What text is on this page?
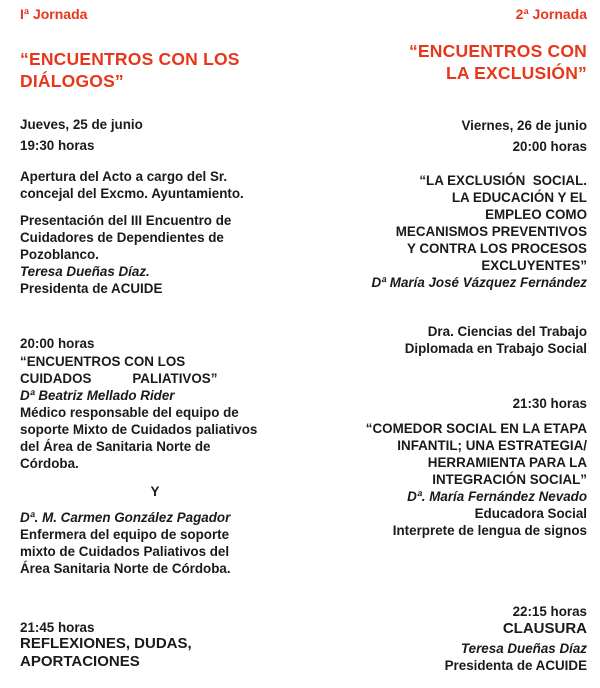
Iª Jornada
“ENCUENTROS CON LOS
DIÁLOGOS”
Jueves, 25 de junio
19:30 horas
Apertura del Acto a cargo del Sr.
concejal del Excmo. Ayuntamiento.
Presentación del III Encuentro de
Cuidadores de Dependientes de
Pozoblanco.
Teresa Dueñas Díaz.
Presidenta de ACUIDE
20:00 horas
“ENCUENTROS CON LOS
CUIDADOS           PALIATIVOS”
Dª Beatriz Mellado Rider
Médico responsable del equipo de
soporte Mixto de Cuidados paliativos
del Área de Sanitaria Norte de
Córdoba.
Y
Dª. M. Carmen González Pagador
Enfermera del equipo de soporte
mixto de Cuidados Paliativos del
Área Sanitaria Norte de Córdoba.
21:45 horas
REFLEXIONES, DUDAS,
APORTACIONES
2ª Jornada
“ENCUENTROS CON
LA EXCLUSIÓN”
Viernes, 26 de junio
20:00 horas
“LA EXCLUSIÓN  SOCIAL.
LA EDUCACIÓN Y EL
EMPLEO COMO
MECANISMOS PREVENTIVOS
Y CONTRA LOS PROCESOS
EXCLUYENTES”
Dª María José Vázquez Fernández
Dra. Ciencias del Trabajo
Diplomada en Trabajo Social
21:30 horas
“COMEDOR SOCIAL EN LA ETAPA
INFANTIL; UNA ESTRATEGIA/
HERRAMIENTA PARA LA
INTEGRACIÓN SOCIAL”
Dª. María Fernández Nevado
Educadora Social
Interprete de lengua de signos
22:15 horas
CLAUSURA
Teresa Dueñas Díaz
Presidenta de ACUIDE
